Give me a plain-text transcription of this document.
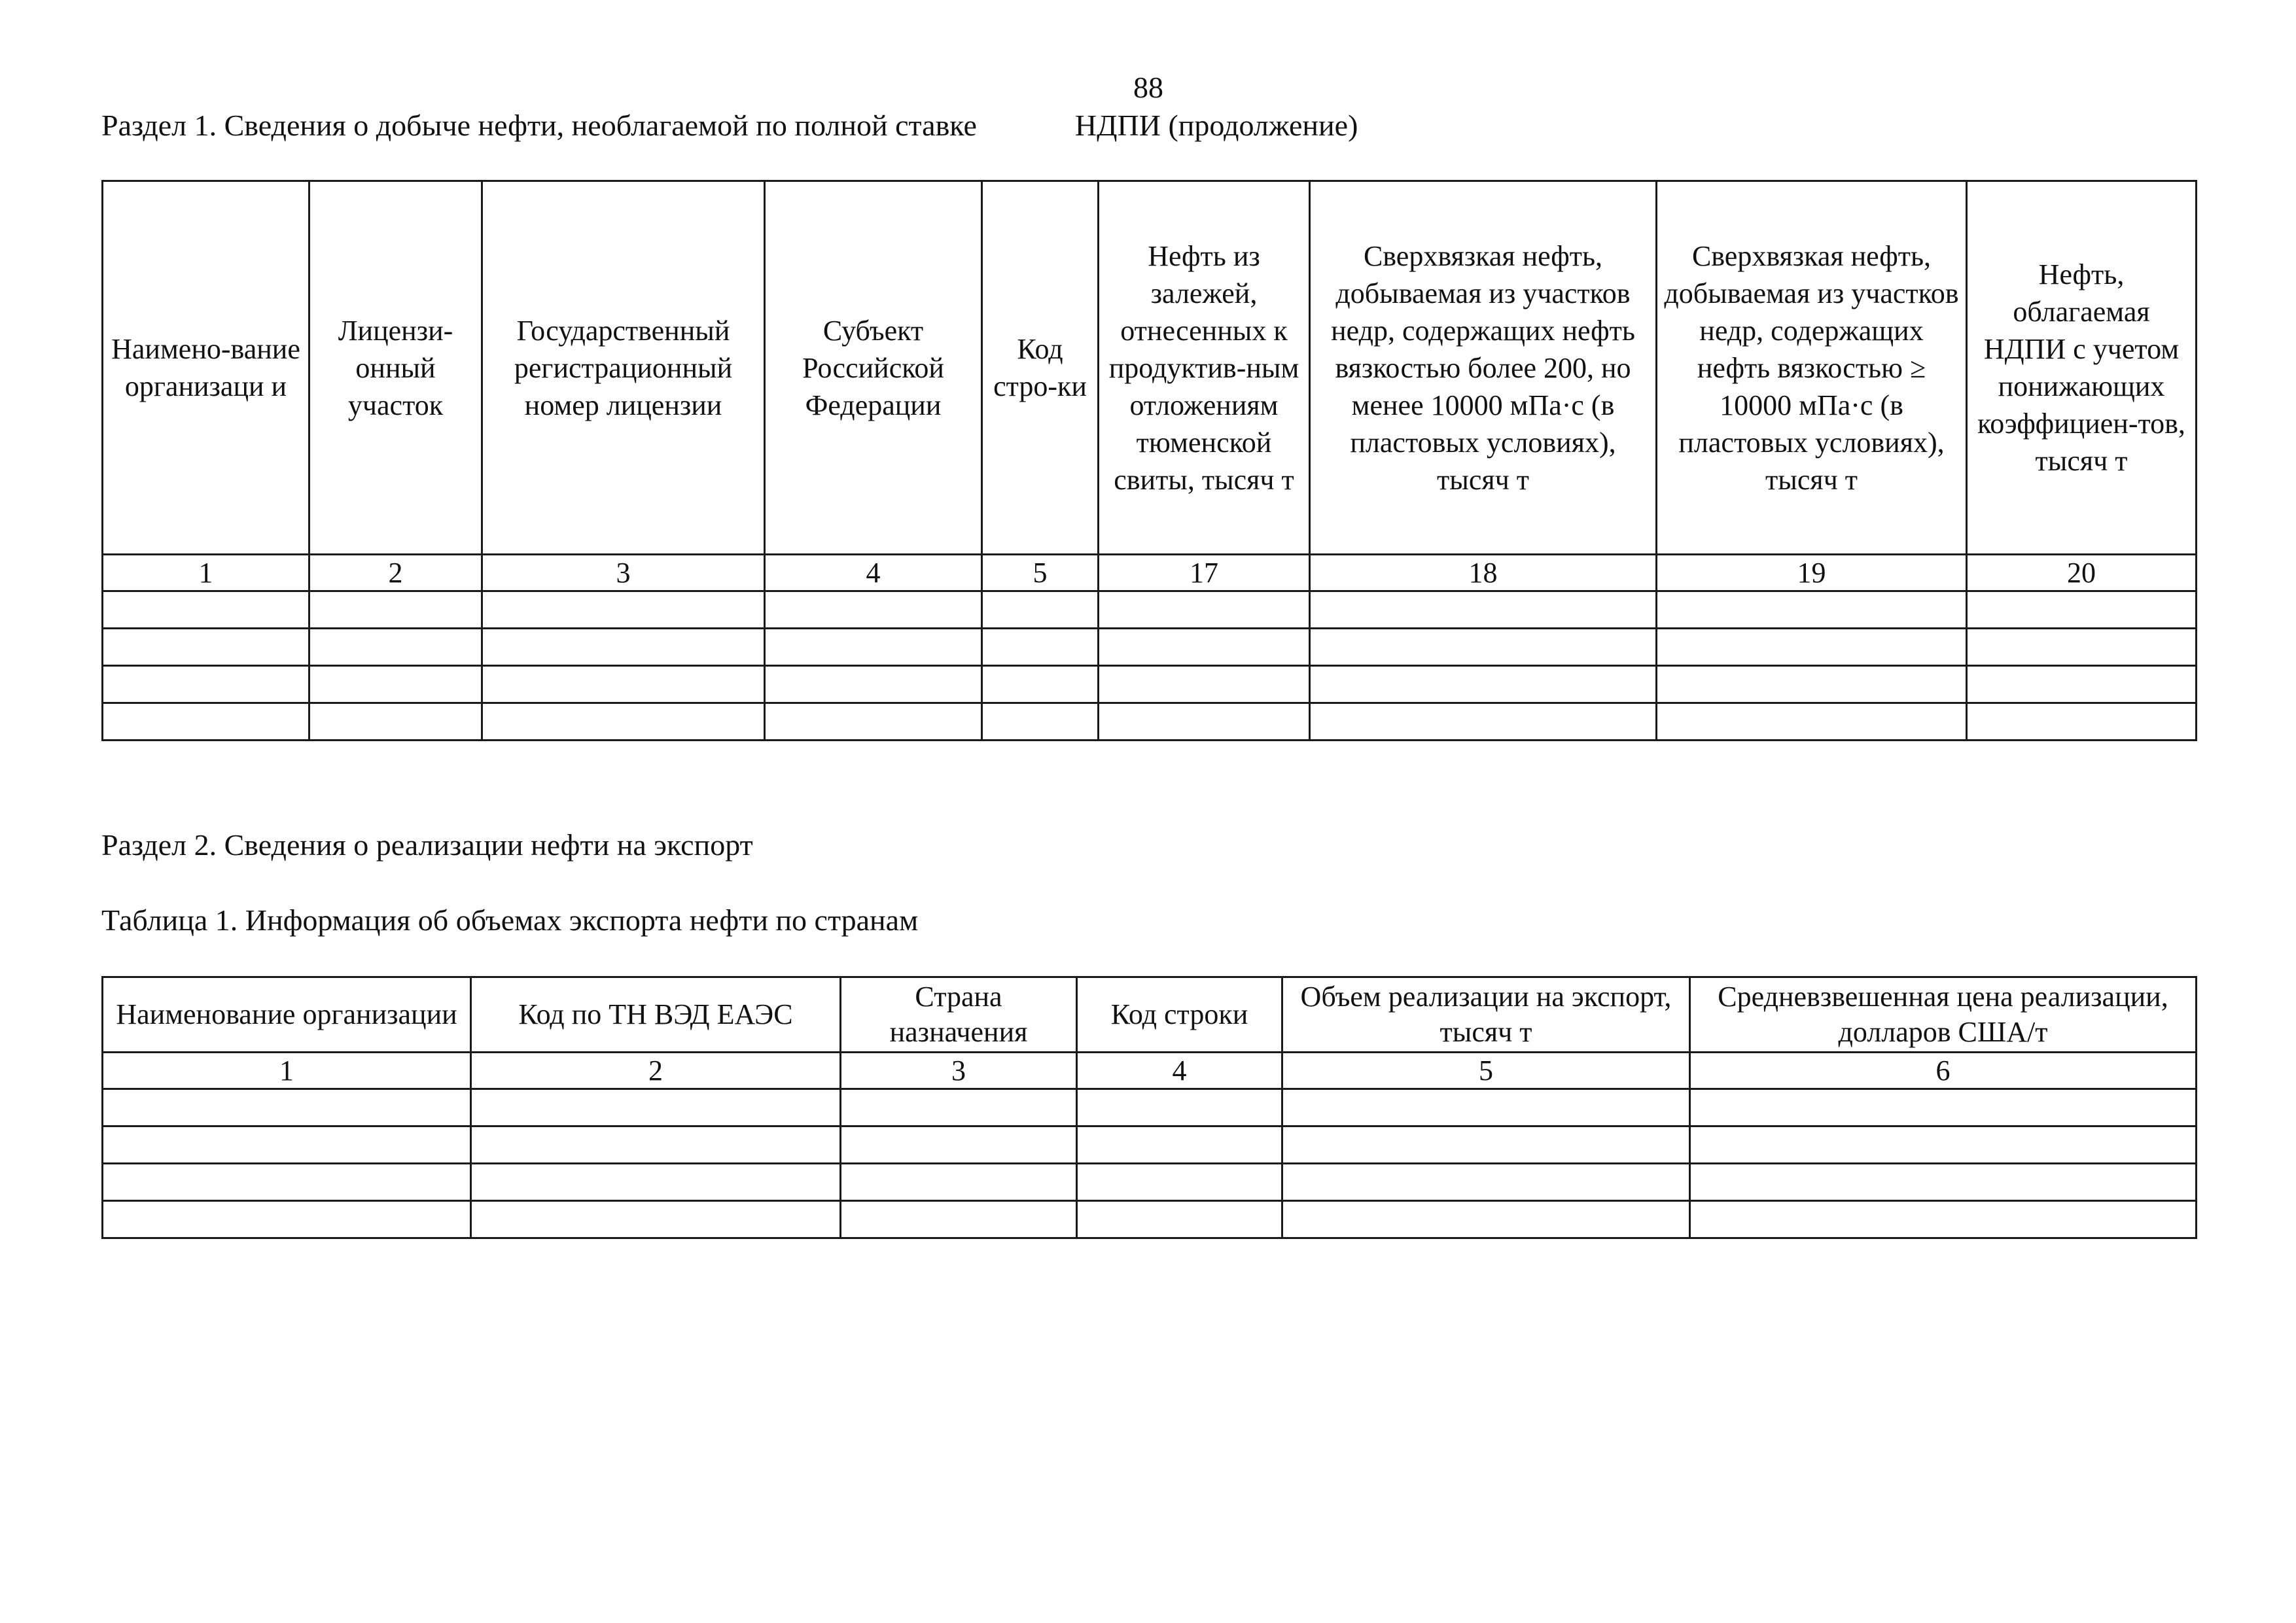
88
Раздел 1. Сведения о добыче нефти, необлагаемой по полной ставке	НДПИ (продолжение)
Наимено-вание организаци и	Лицензи-онный участок	Государственный регистрационный номер лицензии	Субъект Российской Федерации	Код стро-ки	Нефть из залежей, отнесенных к продуктив-ным отложениям тюменской свиты, тысяч т	Сверхвязкая нефть, добываемая из участков недр, содержащих нефть вязкостью более 200, но менее 10000 мПа·с (в пластовых условиях), тысяч т	Сверхвязкая нефть, добываемая из участков недр, содержащих нефть вязкостью ≥ 10000 мПа·с (в пластовых условиях), тысяч т	Нефть, облагаемая НДПИ с учетом понижающих коэффициен-тов, тысяч т
1	2	3	4	5	17	18	19	20

Раздел 2. Сведения о реализации нефти на экспорт
Таблица 1. Информация об объемах экспорта нефти по странам
Наименование организации	Код по ТН ВЭД ЕАЭС	Страна назначения	Код строки	Объем реализации на экспорт, тысяч т	Средневзвешенная цена реализации, долларов США/т
1	2	3	4	5	6
